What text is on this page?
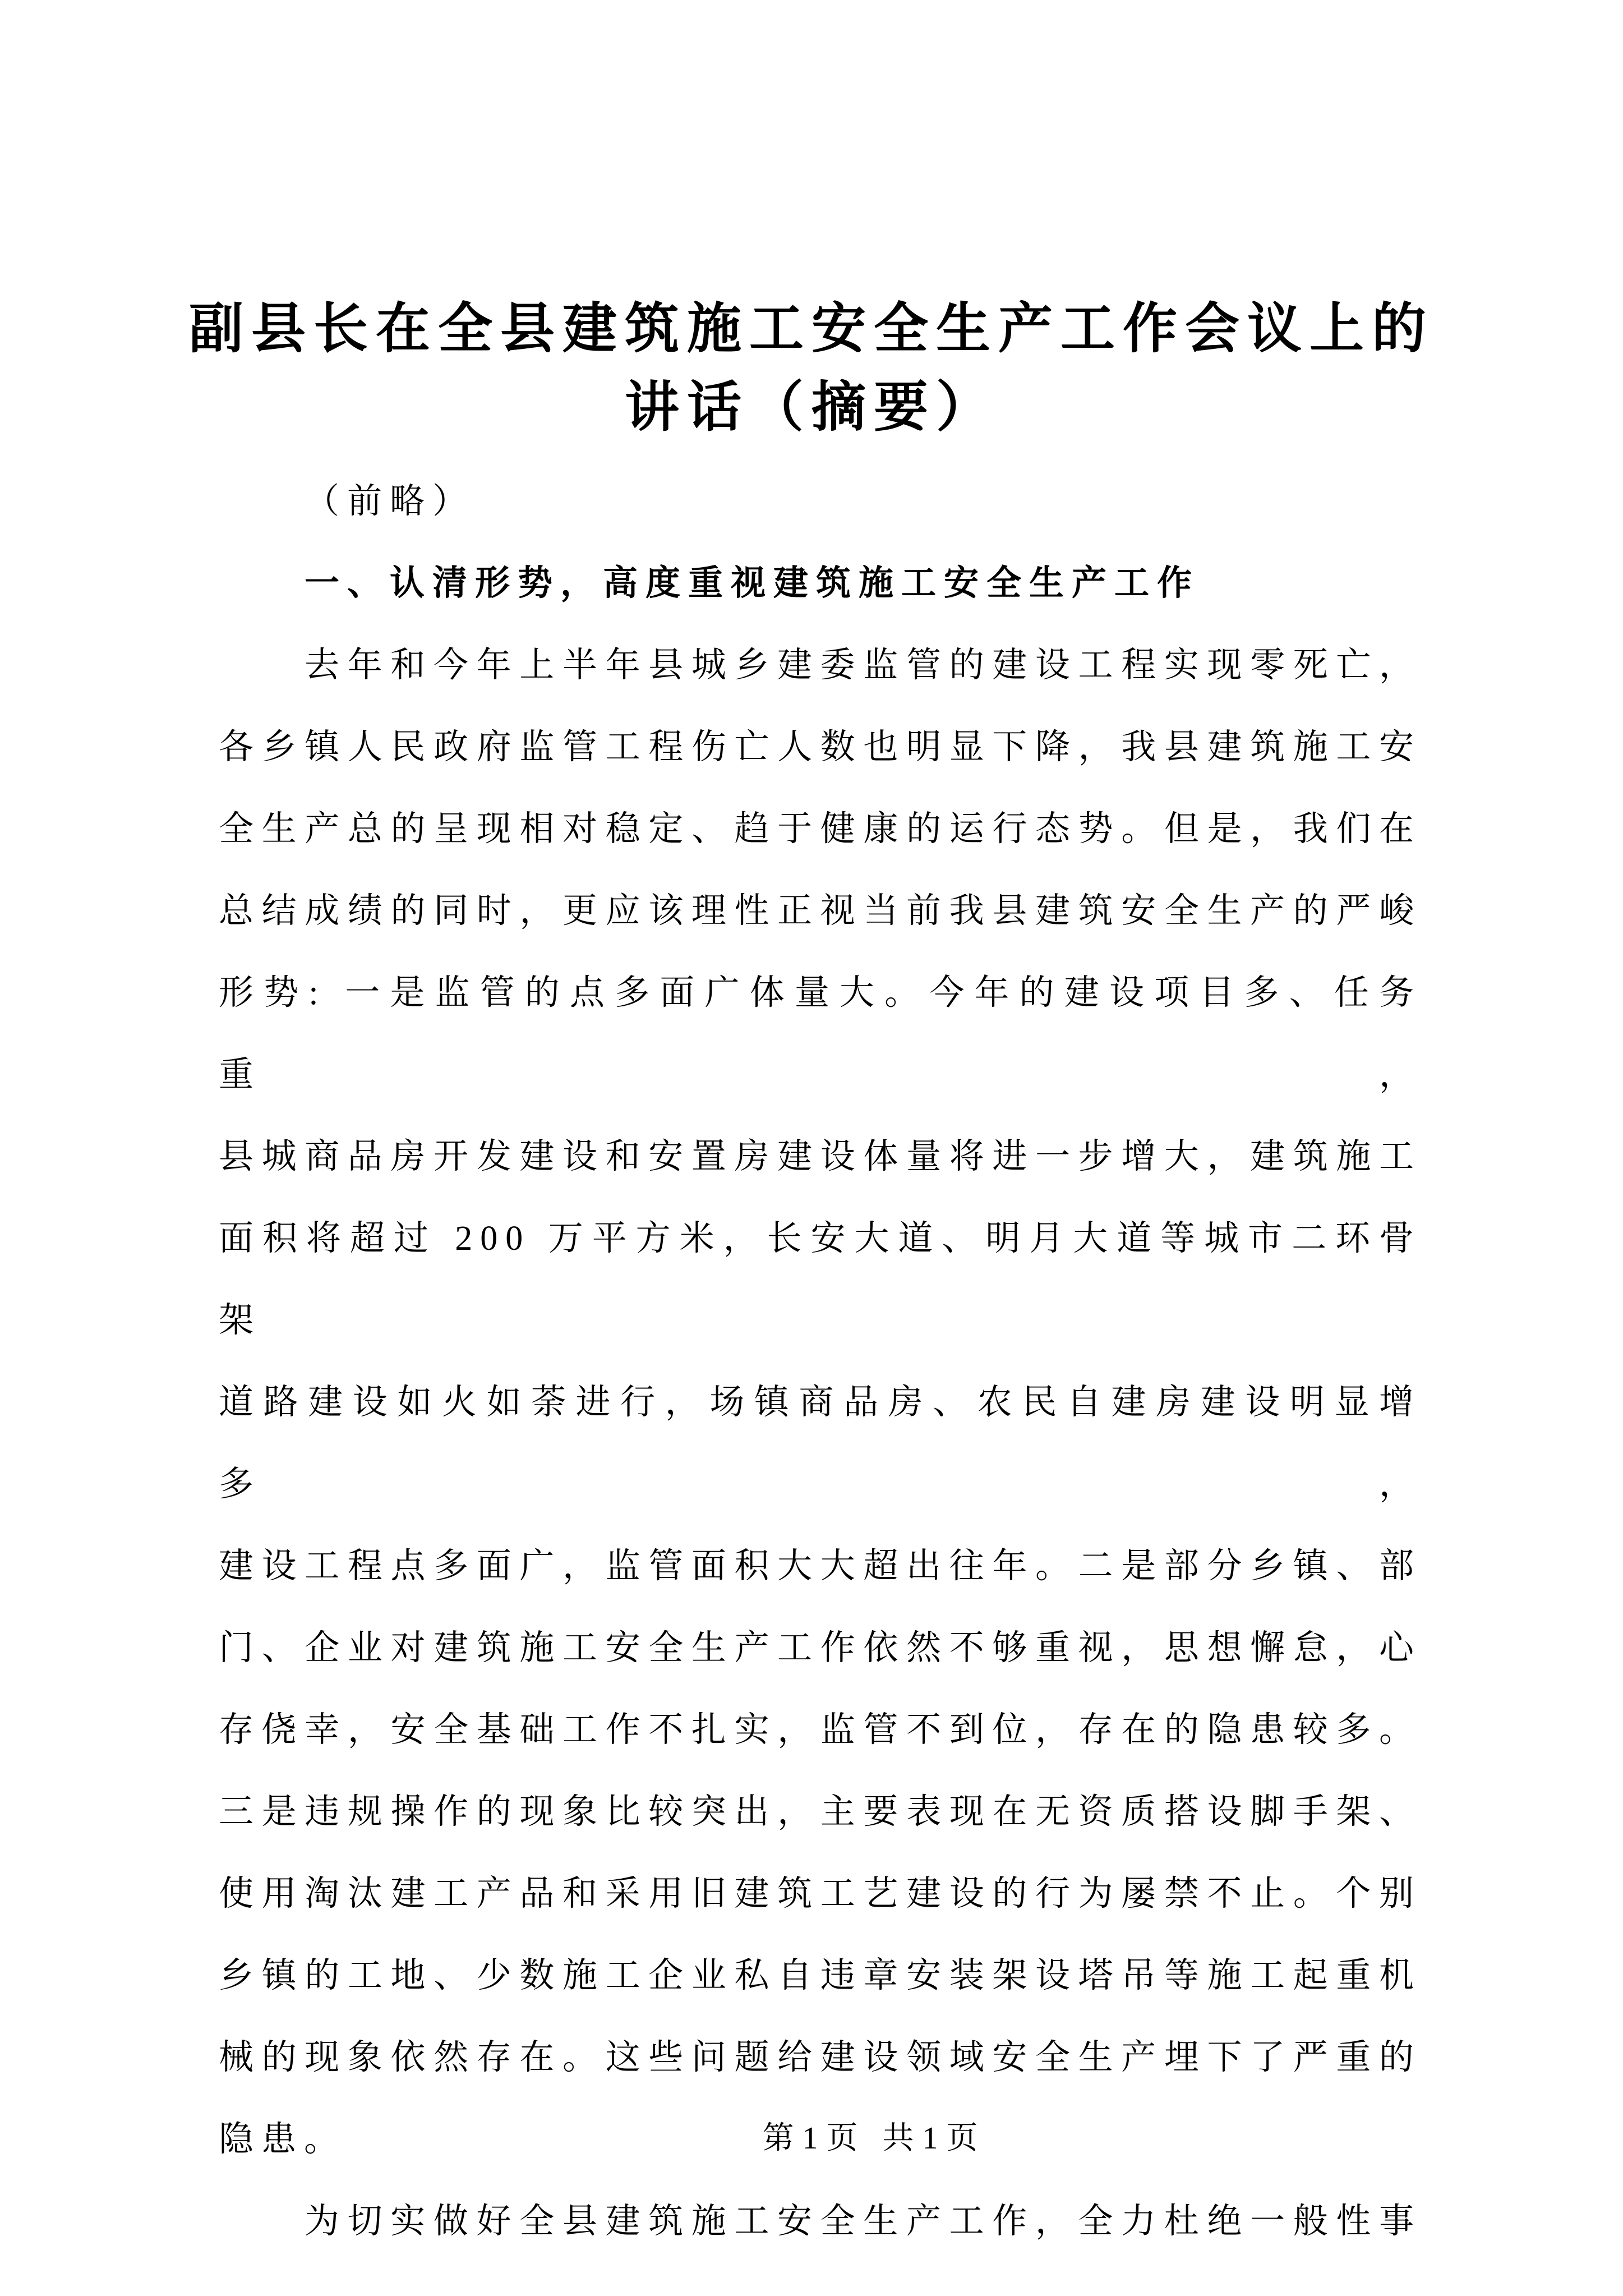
副县长在全县建筑施工安全生产工作会议上的
讲话（摘要）
（前略）
一、认清形势，高度重视建筑施工安全生产工作
去年和今年上半年县城乡建委监管的建设工程实现零死亡，
各乡镇人民政府监管工程伤亡人数也明显下降，我县建筑施工安
全生产总的呈现相对稳定、趋于健康的运行态势。但是，我们在
总结成绩的同时，更应该理性正视当前我县建筑安全生产的严峻
形势: 一是监管的点多面广体量大。今年的建设项目多、任务重，
县城商品房开发建设和安置房建设体量将进一步增大，建筑施工
面积将超过 200 万平方米，长安大道、明月大道等城市二环骨架
道路建设如火如荼进行，场镇商品房、农民自建房建设明显增多，
建设工程点多面广，监管面积大大超出往年。二是部分乡镇、部
门、企业对建筑施工安全生产工作依然不够重视，思想懈怠，心
存侥幸，安全基础工作不扎实，监管不到位，存在的隐患较多。
三是违规操作的现象比较突出，主要表现在无资质搭设脚手架、
使用淘汰建工产品和采用旧建筑工艺建设的行为屡禁不止。个别
乡镇的工地、少数施工企业私自违章安装架设塔吊等施工起重机
械的现象依然存在。这些问题给建设领域安全生产埋下了严重的
隐患。
为切实做好全县建筑施工安全生产工作，全力杜绝一般性事
第1页 共1页
